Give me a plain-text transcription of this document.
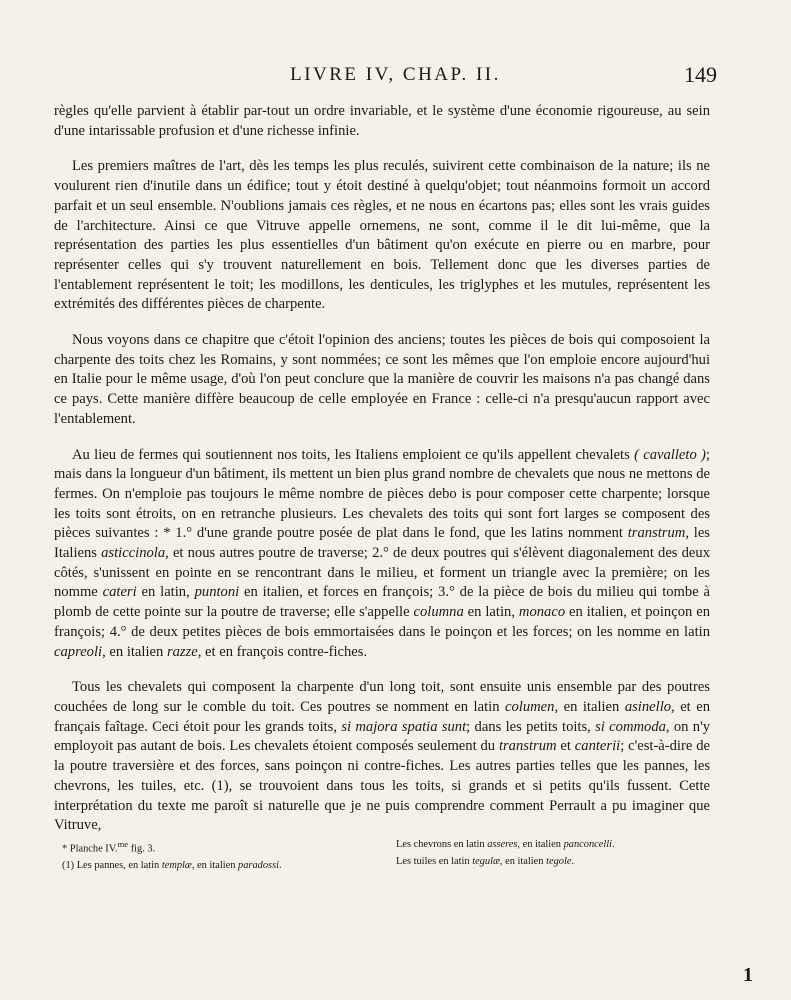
LIVRE IV, CHAP. II.	149

règles qu'elle parvient à établir par-tout un ordre invariable, et le système d'une économie rigoureuse, au sein d'une intarissable profusion et d'une richesse infinie.

Les premiers maîtres de l'art, dès les temps les plus reculés, suivirent cette combinaison de la nature; ils ne voulurent rien d'inutile dans un édifice; tout y étoit destiné à quelqu'objet; tout néanmoins formoit un accord parfait et un seul ensemble. N'oublions jamais ces règles, et ne nous en écartons pas; elles sont les vrais guides de l'architecture. Ainsi ce que Vitruve appelle ornemens, ne sont, comme il le dit lui-même, que la représentation des parties les plus essentielles d'un bâtiment qu'on exécute en pierre ou en marbre, pour représenter celles qui s'y trouvent naturellement en bois. Tellement donc que les diverses parties de l'entablement représentent le toit; les modillons, les denticules, les triglyphes et les mutules, représentent les extrémités des différentes pièces de charpente.

Nous voyons dans ce chapitre que c'étoit l'opinion des anciens; toutes les pièces de bois qui composoient la charpente des toits chez les Romains, y sont nommées; ce sont les mêmes que l'on emploie encore aujourd'hui en Italie pour le même usage, d'où l'on peut conclure que la manière de couvrir les maisons n'a pas changé dans ce pays. Cette manière diffère beaucoup de celle employée en France : celle-ci n'a presqu'aucun rapport avec l'entablement.

Au lieu de fermes qui soutiennent nos toits, les Italiens emploient ce qu'ils appellent chevalets ( cavalleto ); mais dans la longueur d'un bâtiment, ils mettent un bien plus grand nombre de chevalets que nous ne mettons de fermes. On n'emploie pas toujours le même nombre de pièces debo is pour composer cette charpente; lorsque les toits sont étroits, on en retranche plusieurs. Les chevalets des toits qui sont fort larges se composent des pièces suivantes : * 1.° d'une grande poutre posée de plat dans le fond, que les latins nomment transtrum, les Italiens asticcinola, et nous autres poutre de traverse; 2.° de deux poutres qui s'élèvent diagonalement des deux côtés, s'unissent en pointe en se rencontrant dans le milieu, et forment un triangle avec la première; on les nomme cateri en latin, puntoni en italien, et forces en françois; 3.° de la pièce de bois du milieu qui tombe à plomb de cette pointe sur la poutre de traverse; elle s'appelle columna en latin, monaco en italien, et poinçon en françois; 4.° de deux petites pièces de bois emmortaisées dans le poinçon et les forces; on les nomme en latin capreoli, en italien razze, et en françois contre-fiches.

Tous les chevalets qui composent la charpente d'un long toit, sont ensuite unis ensemble par des poutres couchées de long sur le comble du toit. Ces poutres se nomment en latin columen, en italien asinello, et en français faîtage. Ceci étoit pour les grands toits, si majora spatia sunt; dans les petits toits, si commoda, on n'y employoit pas autant de bois. Les chevalets étoient composés seulement du transtrum et canterii; c'est-à-dire de la poutre traversière et des forces, sans poinçon ni contre-fiches. Les autres parties telles que les pannes, les chevrons, les tuiles, etc. (1), se trouvoient dans tous les toits, si grands et si petits qu'ils fussent. Cette interprétation du texte me paroît si naturelle que je ne puis comprendre comment Perrault a pu imaginer que Vitruve,

* Planche IV.$^{me}$ fig. 3.
(1) Les pannes, en latin templæ, en italien paradossi.
Les chevrons en latin asseres, en italien panconcelli.
Les tuiles en latin tegulæ, en italien tegole.
1
